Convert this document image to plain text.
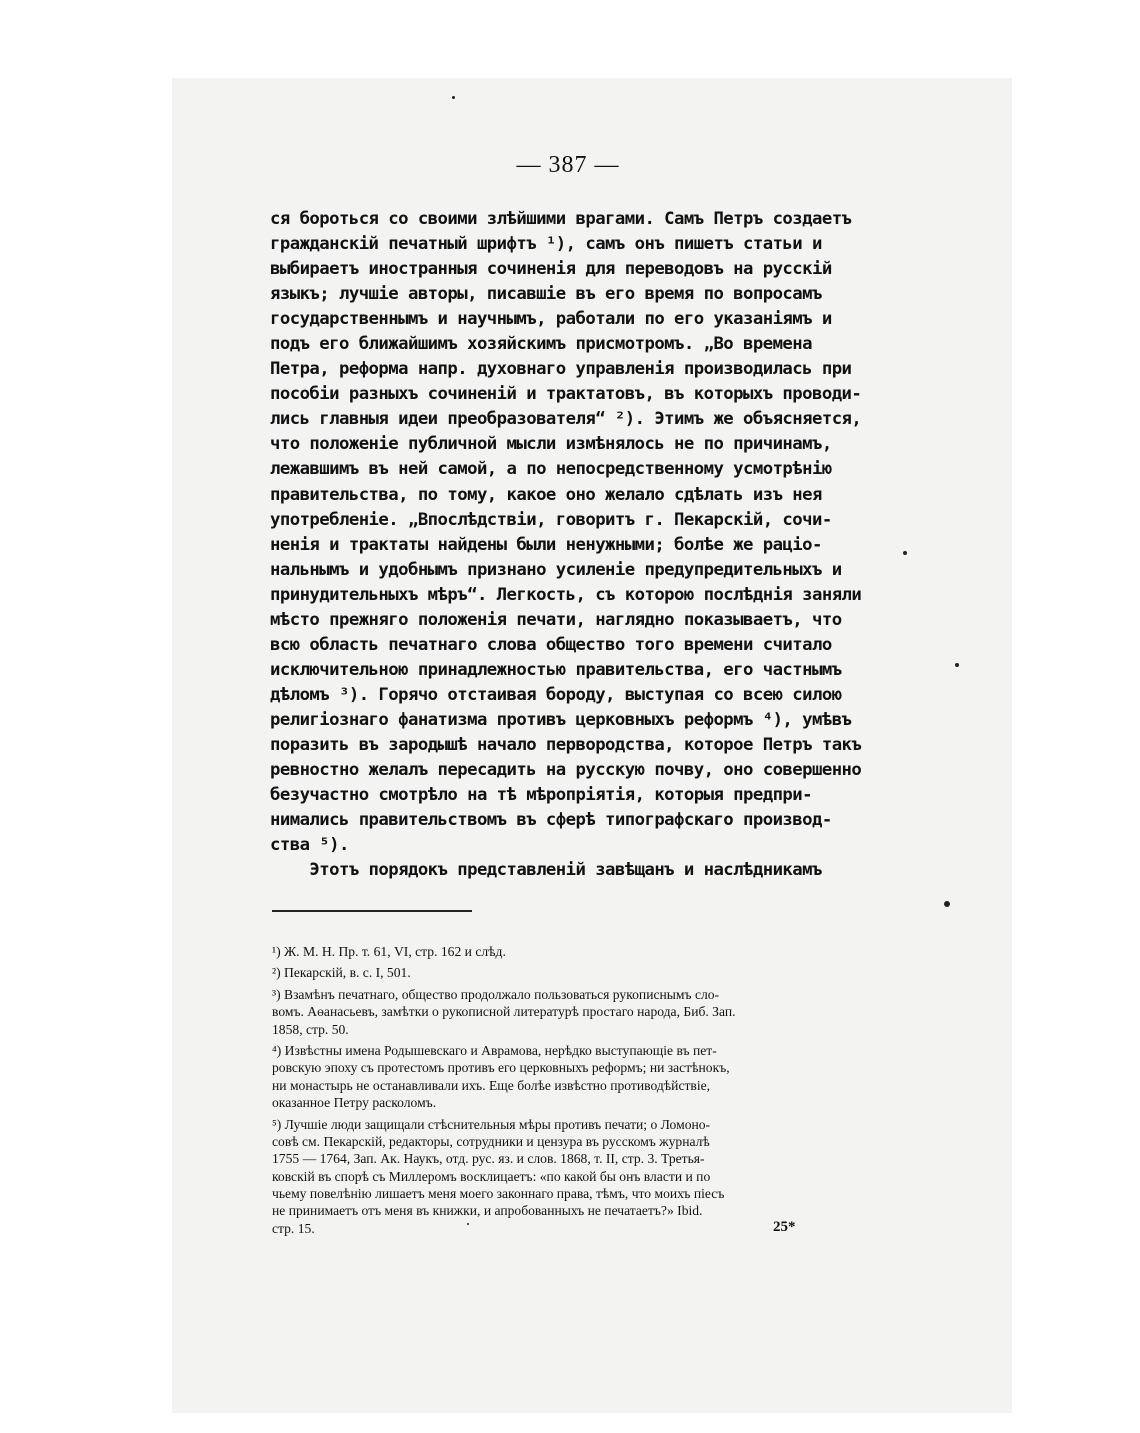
— 387 —
ся бороться со своими злѣйшими врагами. Самъ Петръ создаетъ
гражданскій печатный шрифтъ ¹), самъ онъ пишетъ статьи и
выбираетъ иностранныя сочиненія для переводовъ на русскій
языкъ; лучшіе авторы, писавшіе въ его время по вопросамъ
государственнымъ и научнымъ, работали по его указаніямъ и
подъ его ближайшимъ хозяйскимъ присмотромъ. „Во времена
Петра, реформа напр. духовнаго управленія производилась при
пособіи разныхъ сочиненій и трактатовъ, въ которыхъ проводи-
лись главныя идеи преобразователя“ ²). Этимъ же объясняется,
что положеніе публичной мысли измѣнялось не по причинамъ,
лежавшимъ въ ней самой, а по непосредственному усмотрѣнію
правительства, по тому, какое оно желало сдѣлать изъ нея
употребленіе. „Впослѣдствіи, говоритъ г. Пекарскій, сочи-
ненія и трактаты найдены были ненужными; болѣе же раціо-
нальнымъ и удобнымъ признано усиленіе предупредительныхъ и
принудительныхъ мѣръ“. Легкость, съ которою послѣднія заняли
мѣсто прежняго положенія печати, наглядно показываетъ, что
всю область печатнаго слова общество того времени считало
исключительною принадлежностью правительства, его частнымъ
дѣломъ ³). Горячо отстаивая бороду, выступая со всею силою
религіознаго фанатизма противъ церковныхъ реформъ ⁴), умѣвъ
поразить въ зародышѣ начало первородства, которое Петръ такъ
ревностно желалъ пересадить на русскую почву, оно совершенно
безучастно смотрѣло на тѣ мѣропріятія, которыя предпри-
нимались правительствомъ въ сферѣ типографскаго производ-
ства ⁵).
Этотъ порядокъ представленій завѣщанъ и наслѣдникамъ
¹) Ж. М. Н. Пр. т. 61, VI, стр. 162 и слѣд.
²) Пекарскій, в. с. I, 501.
³) Взамѣнъ печатнаго, общество продолжало пользоваться рукописнымъ сло-
вомъ. Аѳанасьевъ, замѣтки о рукописной литературѣ простаго народа, Биб. Зап.
1858, стр. 50.
⁴) Извѣстны имена Родышевскаго и Аврамова, нерѣдко выступающіе въ пет-
ровскую эпоху съ протестомъ противъ его церковныхъ реформъ; ни застѣнокъ,
ни монастырь не останавливали ихъ. Еще болѣе извѣстно противодѣйствіе,
оказанное Петру расколомъ.
⁵) Лучшіе люди защищали стѣснительныя мѣры противъ печати; о Ломоно-
совѣ см. Пекарскій, редакторы, сотрудники и цензура въ русскомъ журналѣ
1755 — 1764, Зап. Ак. Наукъ, отд. рус. яз. и слов. 1868, т. II, стр. 3. Третья-
ковскій въ спорѣ съ Миллеромъ восклицаетъ: «по какой бы онъ власти и по
чьему повелѣнію лишаетъ меня моего законнаго права, тѣмъ, что моихъ пiесъ
не принимаетъ отъ меня въ книжки, и апробованныхъ не печатаетъ?» Ibid.
стр. 15.	25*
